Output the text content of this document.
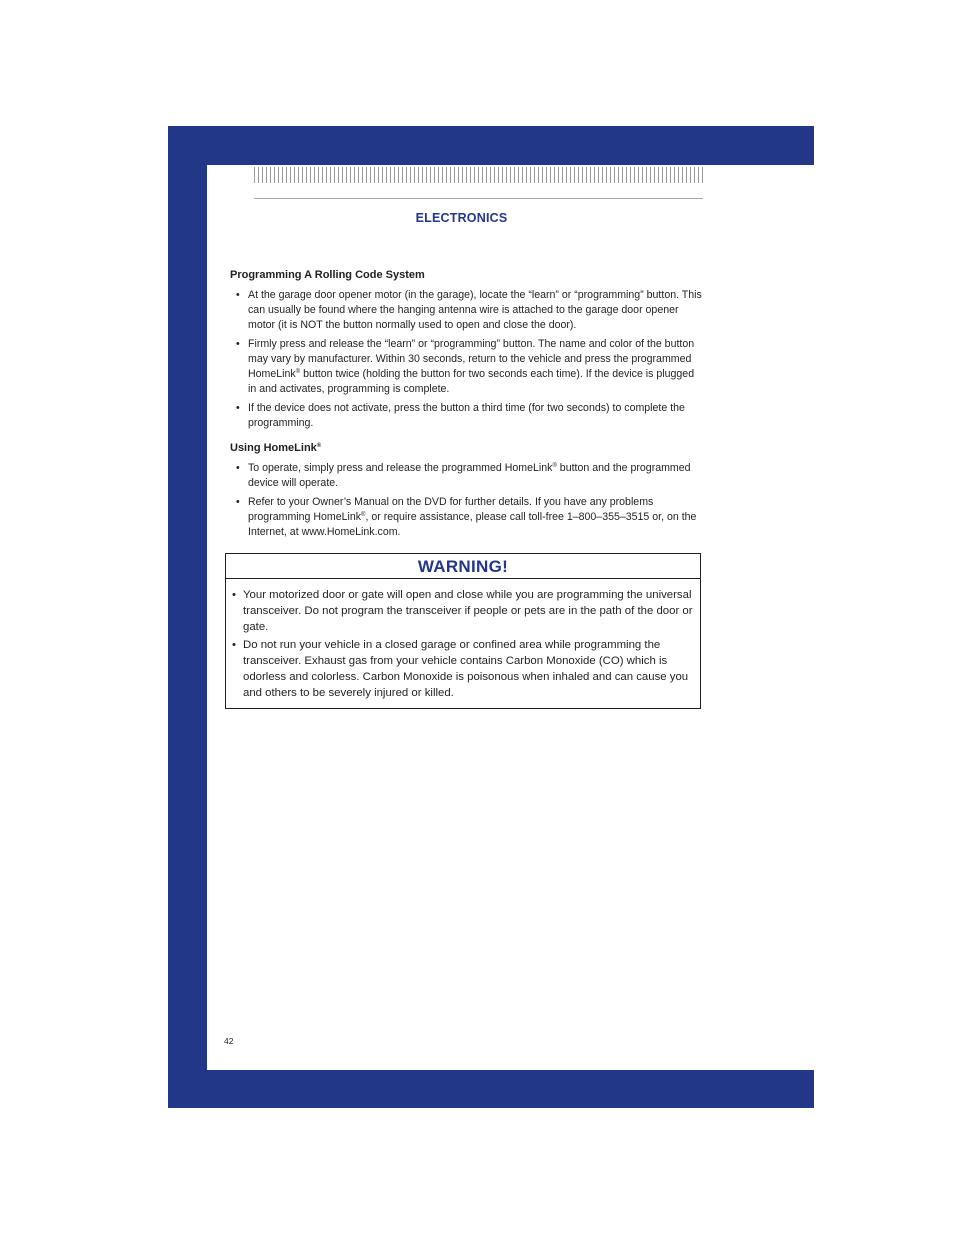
ELECTRONICS
Programming A Rolling Code System
• At the garage door opener motor (in the garage), locate the “learn” or “programming” button. This can usually be found where the hanging antenna wire is attached to the garage door opener motor (it is NOT the button normally used to open and close the door).
• Firmly press and release the “learn” or “programming” button. The name and color of the button may vary by manufacturer. Within 30 seconds, return to the vehicle and press the programmed HomeLink® button twice (holding the button for two seconds each time). If the device is plugged in and activates, programming is complete.
• If the device does not activate, press the button a third time (for two seconds) to complete the programming.
Using HomeLink®
• To operate, simply press and release the programmed HomeLink® button and the programmed device will operate.
• Refer to your Owner’s Manual on the DVD for further details. If you have any problems programming HomeLink®, or require assistance, please call toll-free 1–800–355–3515 or, on the Internet, at www.HomeLink.com.
WARNING!
• Your motorized door or gate will open and close while you are programming the universal transceiver. Do not program the transceiver if people or pets are in the path of the door or gate.
• Do not run your vehicle in a closed garage or confined area while programming the transceiver. Exhaust gas from your vehicle contains Carbon Monoxide (CO) which is odorless and colorless. Carbon Monoxide is poisonous when inhaled and can cause you and others to be severely injured or killed.
42
